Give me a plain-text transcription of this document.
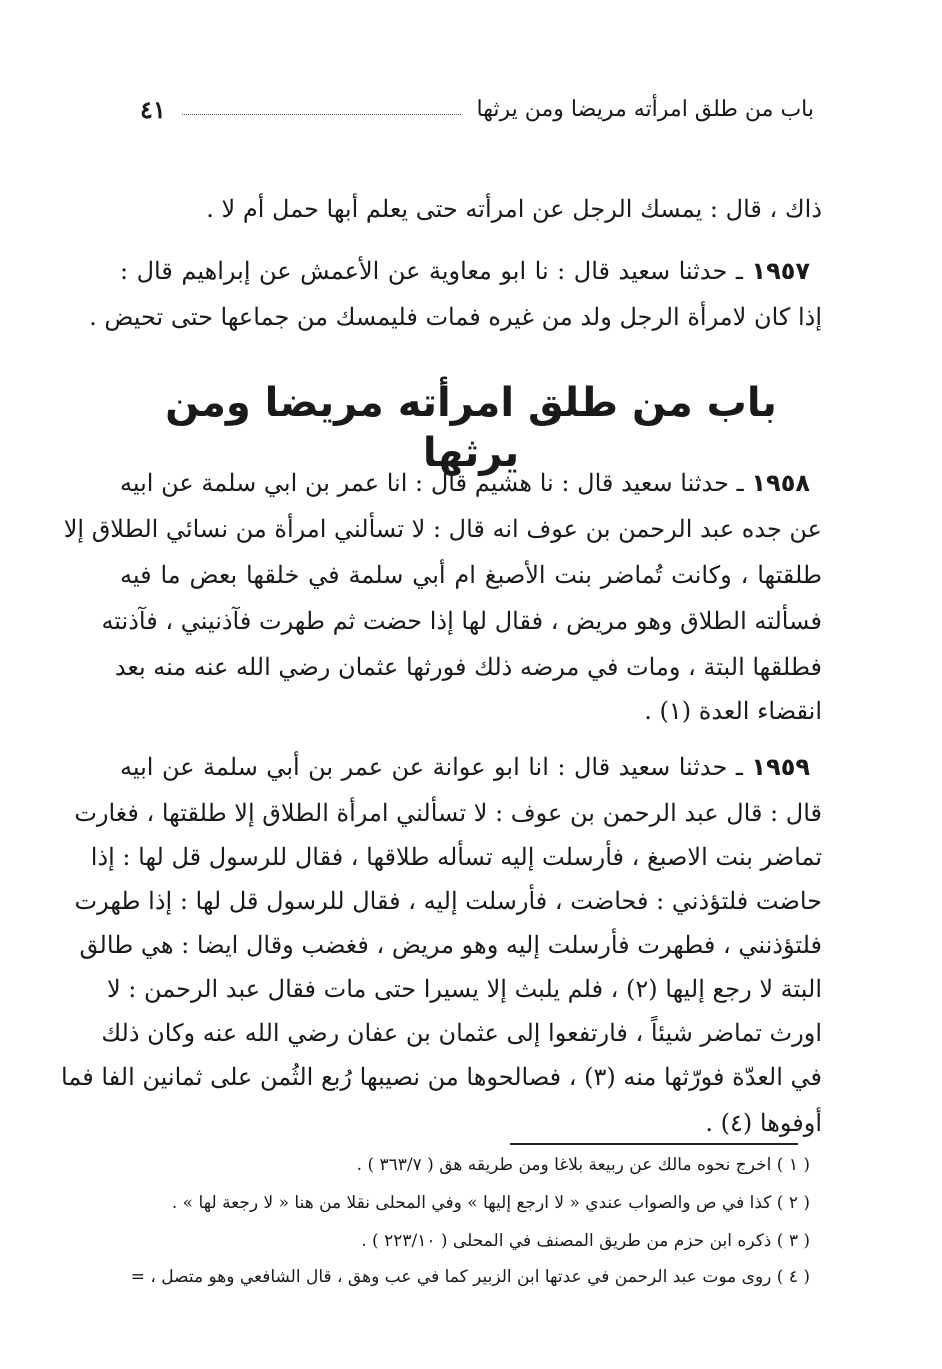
باب من طلق امرأته مريضا ومن يرثها
٤١
ذاك ، قال : يمسك الرجل عن امرأته حتى يعلم أبها حمل أم لا .
١٩٥٧ ـ حدثنا سعيد قال : نا ابو معاوية عن الأعمش عن إبراهيم قال :
إذا كان لامرأة الرجل ولد من غيره فمات فليمسك من جماعها حتى تحيض .
باب من طلق امرأته مريضا ومن يرثها
١٩٥٨ ـ حدثنا سعيد قال : نا هشيم قال : انا عمر بن ابي سلمة عن ابيه
عن جده عبد الرحمن بن عوف انه قال : لا تسألني امرأة من نسائي الطلاق إلا
طلقتها ، وكانت تُماضر بنت الأصبغ ام أبي سلمة في خلقها بعض ما فيه
فسألته الطلاق وهو مريض ، فقال لها إذا حضت ثم طهرت فآذنيني ، فآذنته
فطلقها البتة ، ومات في مرضه ذلك فورثها عثمان رضي الله عنه منه بعد
انقضاء العدة (١) .
١٩٥٩ ـ حدثنا سعيد قال : انا ابو عوانة عن عمر بن أبي سلمة عن ابيه
قال : قال عبد الرحمن بن عوف : لا تسألني امرأة الطلاق إلا طلقتها ، فغارت
تماضر بنت الاصبغ ، فأرسلت إليه تسأله طلاقها ، فقال للرسول قل لها : إذا
حاضت فلتؤذني : فحاضت ، فأرسلت إليه ، فقال للرسول قل لها : إذا طهرت
فلتؤذنني ، فطهرت فأرسلت إليه وهو مريض ، فغضب وقال ايضا : هي طالق
البتة لا رجع إليها (٢) ، فلم يلبث إلا يسيرا حتى مات فقال عبد الرحمن : لا
اورث تماضر شيئاً ، فارتفعوا إلى عثمان بن عفان رضي الله عنه وكان ذلك
في العدّة فورّثها منه (٣) ، فصالحوها من نصيبها رُبع الثُمن على ثمانين الفا فما
أوفوها (٤) .
( ١ ) اخرج نحوه مالك عن ربيعة بلاغا ومن طريقه هق ( ٣٦٣/٧ ) .
( ٢ ) كذا في ص والصواب عندي « لا ارجع إليها » وفي المحلى نقلا من هنا « لا رجعة لها » .
( ٣ ) ذكره ابن حزم من طريق المصنف في المحلى ( ٢٢٣/١٠ ) .
( ٤ ) روى موت عبد الرحمن في عدتها ابن الزبير كما في عب وهق ، قال الشافعي وهو متصل ، =
